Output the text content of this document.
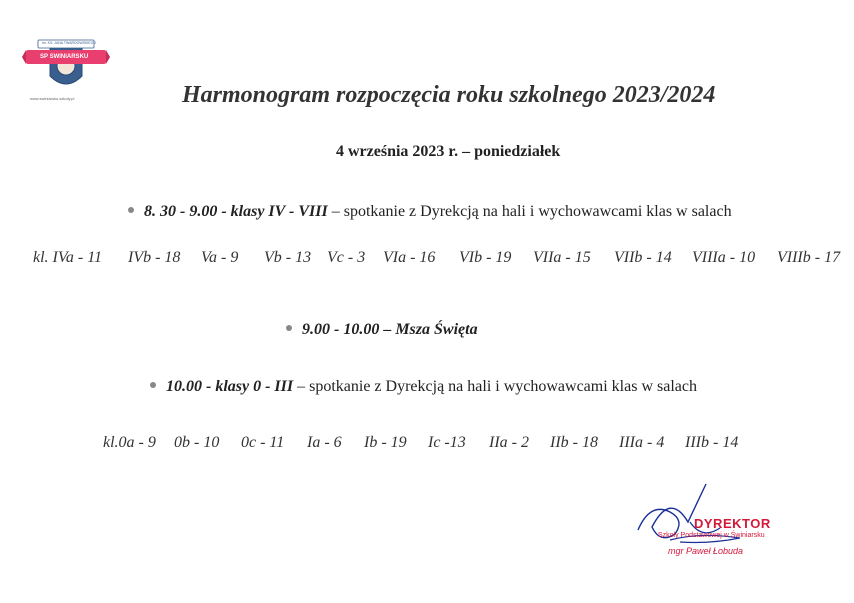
im. KS. JANA TWARDOWSKIEGO
SP SWINIARSKU
www.swiniarsko.szkoly.pl	Harmonogram rozpoczęcia roku szkolnego 2023/2024
4 września 2023 r. – poniedziałek
8. 30 - 9.00 - klasy IV - VIII – spotkanie z Dyrekcją na hali i wychowawcami klas w salach
kl. IVa - 11 IVb - 18 Va - 9 Vb - 13 Vc - 3 VIa - 16 VIb - 19 VIIa - 15 VIIb - 14 VIIIa - 10 VIIIb - 17
9.00 - 10.00 – Msza Święta
10.00 - klasy 0 - III – spotkanie z Dyrekcją na hali i wychowawcami klas w salach
kl.0a - 9 0b - 10 0c - 11 Ia - 6 Ib - 19 Ic -13 IIa - 2 IIb - 18 IIIa - 4 IIIb - 14
DYREKTOR
Szkoły Podstawowej w Świniarsku
mgr Paweł Łobuda
